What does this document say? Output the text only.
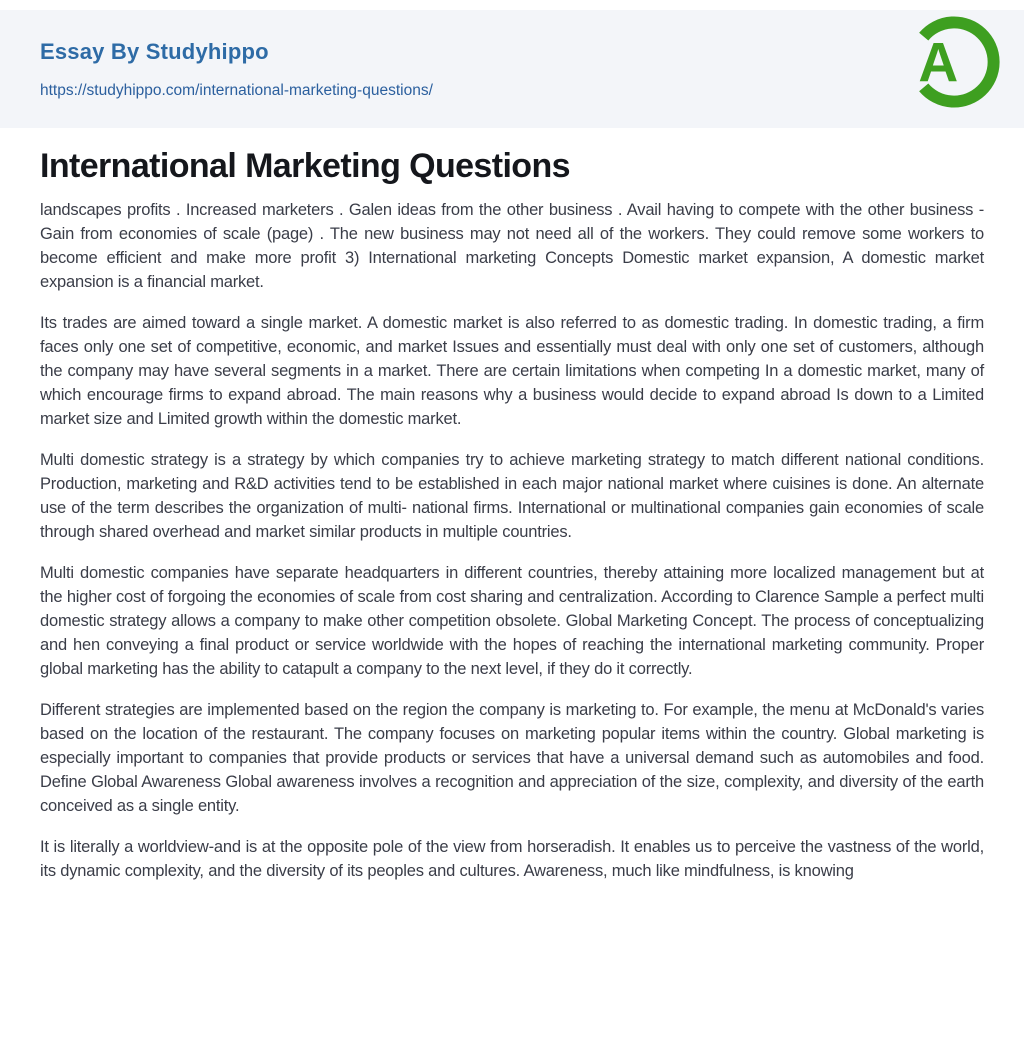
Essay By Studyhippo
https://studyhippo.com/international-marketing-questions/	A
International Marketing Questions

landscapes profits . Increased marketers . Galen ideas from the other business . Avail having to compete with the other business -Gain from economies of scale (page) . The new business may not need all of the workers. They could remove some workers to become efficient and make more profit 3) International marketing Concepts Domestic market expansion, A domestic market expansion is a financial market.

Its trades are aimed toward a single market. A domestic market is also referred to as domestic trading. In domestic trading, a firm faces only one set of competitive, economic, and market Issues and essentially must deal with only one set of customers, although the company may have several segments in a market. There are certain limitations when competing In a domestic market, many of which encourage firms to expand abroad. The main reasons why a business would decide to expand abroad Is down to a Limited market size and Limited growth within the domestic market.

Multi domestic strategy is a strategy by which companies try to achieve marketing strategy to match different national conditions. Production, marketing and R&D activities tend to be established in each major national market where cuisines is done. An alternate use of the term describes the organization of multi- national firms. International or multinational companies gain economies of scale through shared overhead and market similar products in multiple countries.

Multi domestic companies have separate headquarters in different countries, thereby attaining more localized management but at the higher cost of forgoing the economies of scale from cost sharing and centralization. According to Clarence Sample a perfect multi domestic strategy allows a company to make other competition obsolete. Global Marketing Concept. The process of conceptualizing and hen conveying a final product or service worldwide with the hopes of reaching the international marketing community. Proper global marketing has the ability to catapult a company to the next level, if they do it correctly.

Different strategies are implemented based on the region the company is marketing to. For example, the menu at McDonald's varies based on the location of the restaurant. The company focuses on marketing popular items within the country. Global marketing is especially important to companies that provide products or services that have a universal demand such as automobiles and food. Define Global Awareness Global awareness involves a recognition and appreciation of the size, complexity, and diversity of the earth conceived as a single entity.

It is literally a worldview-and is at the opposite pole of the view from horseradish. It enables us to perceive the vastness of the world, its dynamic complexity, and the diversity of its peoples and cultures. Awareness, much like mindfulness, is knowing
